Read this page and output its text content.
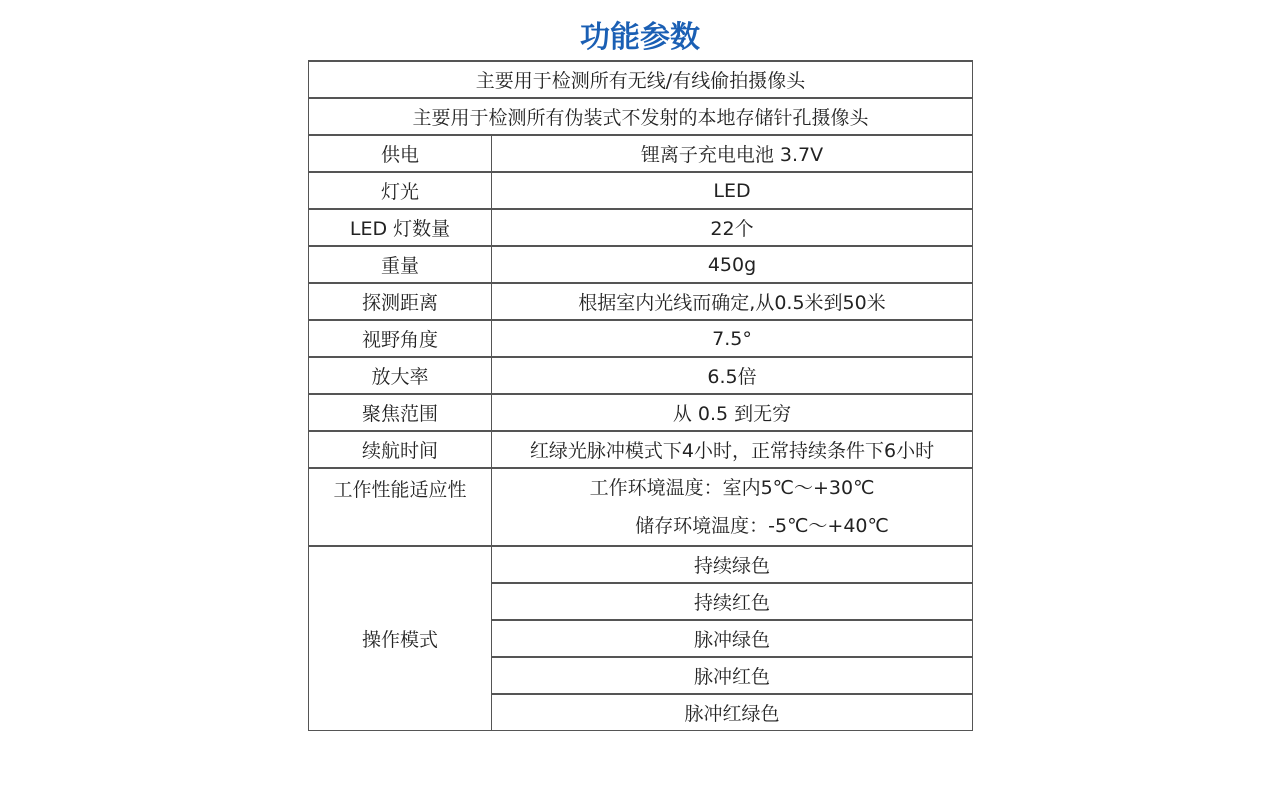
功能参数
主要用于检测所有无线/有线偷拍摄像头	
主要用于检测所有伪装式不发射的本地存储针孔摄像头	
供电	锂离子充电电池 3.7V
灯光	LED
LED 灯数量	22个
重量	450g
探测距离	根据室内光线而确定,从0.5米到50米
视野角度	7.5°
放大率	6.5倍
聚焦范围	从 0.5 到无穷
续航时间	红绿光脉冲模式下4小时，正常持续条件下6小时
工作性能适应性	工作环境温度：室内5℃～+30℃
储存环境温度：-5℃～+40℃

操作模式	持续绿色
	持续红色
	脉冲绿色
	脉冲红色
	脉冲红绿色
